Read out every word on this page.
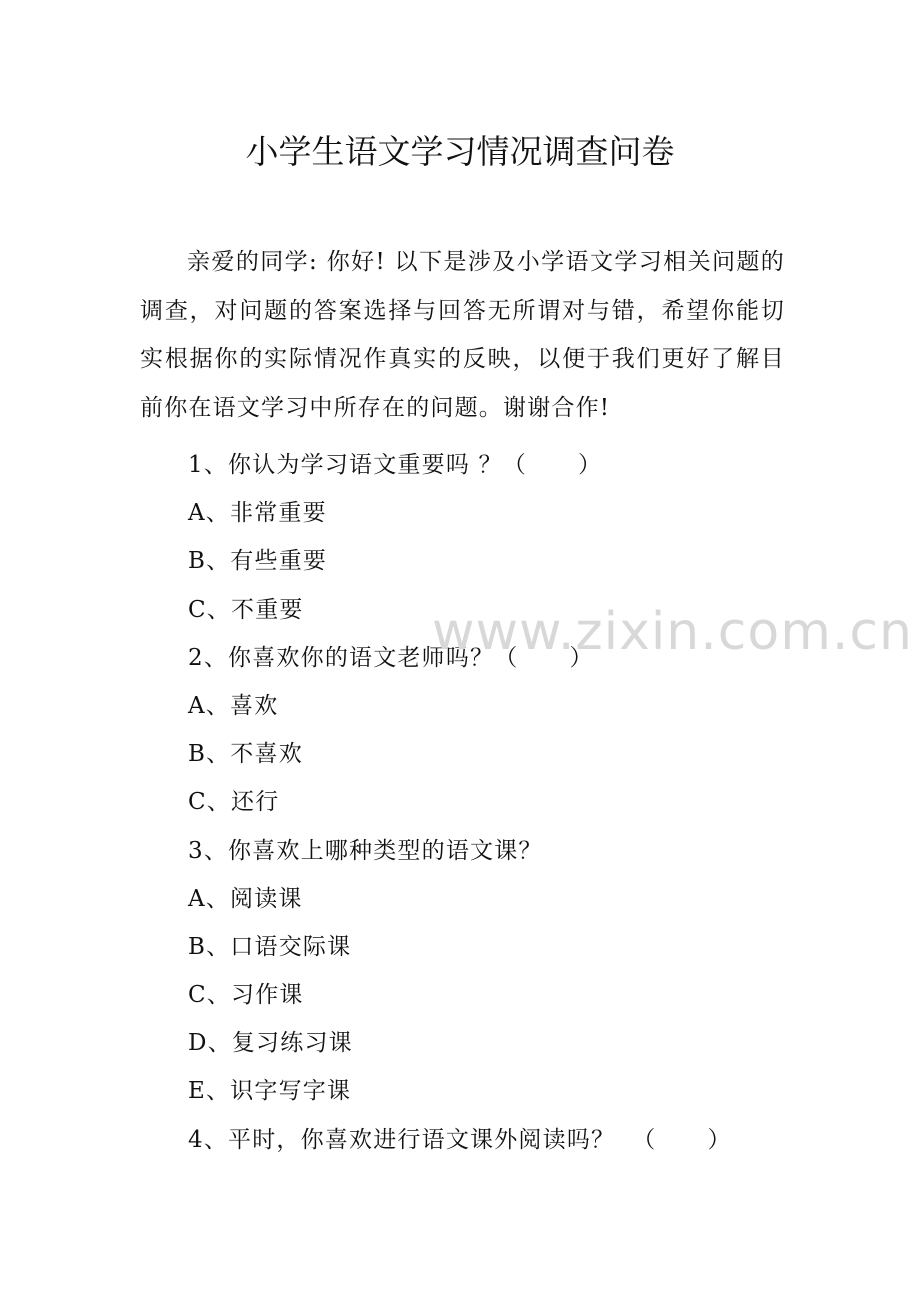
小学生语文学习情况调查问卷

亲爱的同学: 你好! 以下是涉及小学语文学习相关问题的调查，对问题的答案选择与回答无所谓对与错，希望你能切实根据你的实际情况作真实的反映，以便于我们更好了解目前你在语文学习中所存在的问题。谢谢合作!

1、你认为学习语文重要吗 ？（      ）
A、非常重要
B、有些重要
C、不重要
2、你喜欢你的语文老师吗？（      ）
A、喜欢
B、不喜欢
C、还行
3、你喜欢上哪种类型的语文课？
A、阅读课
B、口语交际课
C、习作课
D、复习练习课
E、识字写字课
4、平时，你喜欢进行语文课外阅读吗？  （      ）
www.zixin.com.cn
